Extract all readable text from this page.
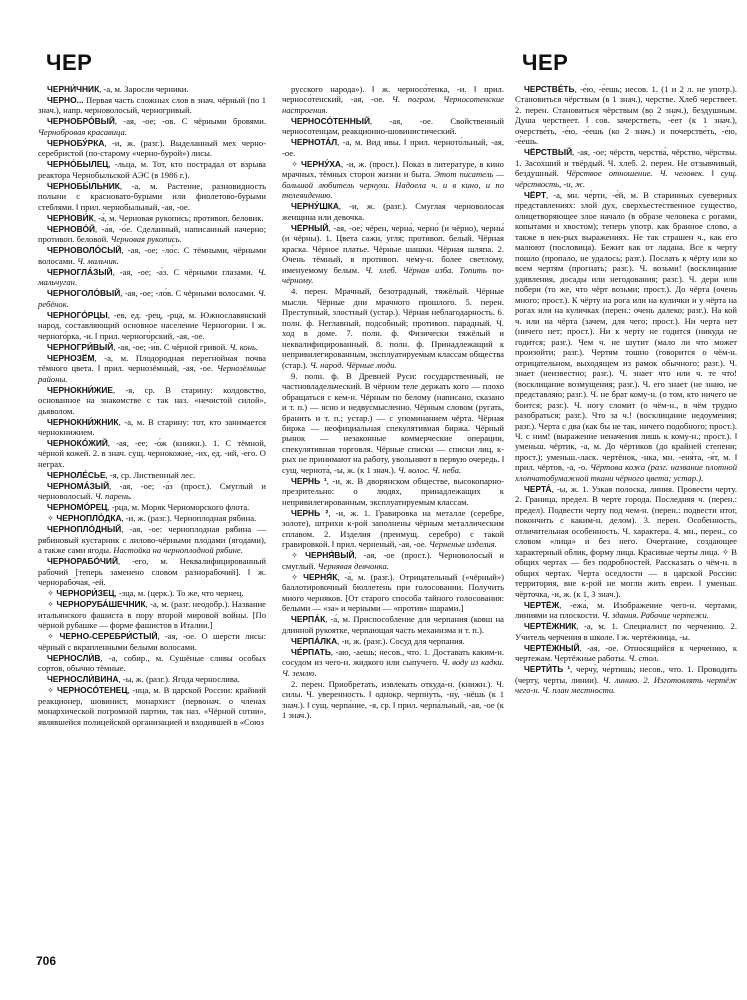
ЧЕР	ЧЕР

ЧЕРНИ́ЧНИК, -а, м. Заросли черники.

ЧЕРНО... Первая часть сложных слов в знач. чёрный (по 1 знач.), напр. черноволосый, черногривый.

ЧЕРНОБРО́ВЫЙ, -ая, -ое; -ов. С чёрными бровями. Чернобровая красавица.

ЧЕРНОБУ́РКА, -и, ж. (разг.). Выделанный мех черно-серебристой (по-старому «черно-бурой») лисы.

ЧЕРНО́БЫЛЕЦ, -льца, м. Тот, кто пострадал от взрыва реактора Чернобыльской АЭС (в 1986 г.).

ЧЕРНОБЫ́ЛЬНИК, -а, м. Растение, разновидность полыни с красновато-бурыми или фиолетово-бурыми стеблями. ‖ прил. чернобыльный, -ая, -ое.

ЧЕРНОВИ́К, -а́, м. Черновая рукопись; противоп. беловик.

ЧЕРНОВО́Й, -а́я, -о́е. Сделанный, написанный начерно; противоп. беловой. Черновая рукопись.

ЧЕРНОВОЛО́СЫЙ, -ая, -ое; -ло́с. С тёмными, чёрными волосами. Ч. мальчик.

ЧЕРНОГЛА́ЗЫЙ, -ая, -ое; -а́з. С чёрными глазами. Ч. мальчуган.

ЧЕРНОГОЛО́ВЫЙ, -ая, -ое; -ло́в. С чёрными волосами. Ч. ребёнок.

ЧЕРНОГО́РЦЫ, -ев, ед. -рец, -рца, м. Южнославянский народ, составляющий основное население Черногории. ‖ ж. черного́рка, -и. ‖ прил. черного́рский, -ая, -ое.

ЧЕРНОГРИ́ВЫЙ, -ая, -ое; -и́в. С чёрной гривой. Ч. конь.

ЧЕРНОЗЁМ, -а, м. Плодородная перегнойная почва тёмного цвета. ‖ прил. чернозёмный, -ая, -ое. Чернозёмные районы.

ЧЕРНОКНИ́ЖИЕ, -я, ср. В старину: колдовство, основанное на знакомстве с так наз. «нечистой силой», дьяволом.

ЧЕРНОКНИ́ЖНИК, -а, м. В старину: тот, кто занимается чернокнижием.

ЧЕРНОКО́ЖИЙ, -ая, -ее; -о́ж (книжн.). 1. С тёмной, чёрной кожей. 2. в знач. сущ. чернокожие, -их, ед. -ий, -его. О неграх.

ЧЕРНОЛЕ́СЬЕ, -я, ср. Лиственный лес.

ЧЕРНОМА́ЗЫЙ, -ая, -ое; -а́з (прост.). Смуглый и черноволосый. Ч. парень.

ЧЕРНОМО́РЕЦ, -рца, м. Моряк Черноморского флота.

✧ ЧЕРНОПЛО́ДКА, -и, ж. (разг.). Черноплодная рябина.

ЧЕРНОПЛО́ДНЫЙ, -ая, -ое: черноплодная рябина — рябиновый кустарник с лилово-чёрными плодами (ягодами), а также сами ягоды. Настойка на черноплодной рябине.

ЧЕРНОРАБО́ЧИЙ, -его, м. Неквалифицированный рабочий [теперь заменено словом разнорабочий]. ‖ ж. черноpабо́чая, -ей.

✧ ЧЕРНОРИ́ЗЕЦ, -зца, м. (церк.). То же, что чернец.

✧ ЧЕРНОРУБА́ШЕЧНИК, -а, м. (разг. неодобр.). Название итальянского фашиста в пору второй мировой войны. [По чёрной рубашке — форме фашистов в Италии.]

✧ ЧЕРНО-СЕРЕБРИ́СТЫЙ, -ая, -ое. О шерсти лисы: чёрный с вкрапленными белыми волосами.

ЧЕРНОСЛИ́В, -а, собир., м. Сушёные сливы особых сортов, обычно тёмные.

ЧЕРНОСЛИ́ВИНА, -ы, ж. (разг.). Ягода чернослива.

✧ ЧЕРНОСО́ТЕНЕЦ, -нца, м. В царской России: крайний реакционер, шовинист, монархист (первонач. о членах монархической погромной партии, так наз. «Чёрной сотни», являвшейся полицейской организацией и входившей в «Союз

русского народа»). ‖ ж. черносо́тенка, -и. ‖ прил. черносо́тенский, -ая, -ое. Ч. погром. Черносотенские настроения.

ЧЕРНОСО́ТЕННЫЙ, -ая, -ое. Свойственный черносотенцам, реакционно-шовинистический.

ЧЕРНОТА́Л, -а, м. Вид ивы. ‖ прил. черното́льный, -ая, -ое.

✧ ЧЕРНУ́ХА, -и, ж. (прост.). Показ в литературе, в кино мрачных, тёмных сторон жизни и быта. Этот писатель — большой любитель чернухи. Надоела ч. и в кино, и по телевидению.

ЧЕРНУ́ШКА, -и, ж. (разг.). Смуглая черноволосая женщина или девочка.

ЧЁРНЫЙ, -ая, -ое; чёрен, черна́, черно́ (и чёрно), черны́ (и чёрны). 1. Цвета сажи, угля; противоп. белый. Чёрная краска. Чёрное платье. Чёрные шашки. Чёрная шляпа. 2. Очень тёмный, в противоп. чему-н. более светлому, именуемому белым. Ч. хлеб. Чёрная изба. Топить по-чёрному.

4. перен. Мрачный, безотрадный, тяжёлый. Чёрные мысли. Чёрные дни мрачного прошлого. 5. перен. Преступный, злостный (устар.). Чёрная неблагодарность. 6. полн. ф. Неглавный, подсобный; противоп. парадный. Ч. ход в доме. 7. полн. ф. Физически тяжёлый и неквалифицированный. 8. полн. ф. Принадлежащий к непривилегированным, эксплуатируемым классам общества (стар.). Ч. народ. Чёрные люди.

9. полн. ф. В Древней Руси: государственный, не частновладельческий. В чёрном теле держать кого — плохо обращаться с кем-н. Чёрным по белому (написано, сказано и т. п.) — ясно и недвусмысленно. Чёрным словом (ругать, бранить и т. п.; устар.) — с упоминанием чёрта. Чёрная биржа — неофициальная спекулятивная биржа. Чёрный рынок — незаконные коммерческие операции, спекулятивная торговля. Чёрные списки — списки лиц, к-рых не принимают на работу, увольняют в первую очередь. ‖ сущ. чернота́, -ы, ж. (к 1 знач.). Ч. волос. Ч. неба.

ЧЕРНЬ ¹, -и, ж. В дворянском обществе, высокопарно-презрительно: о людях, принадлежащих к непривилегированным, эксплуатируемым классам.

ЧЕРНЬ ², -и, ж. 1. Гравировка на металле (серебре, золоте), штрихи к-рой заполнены чёрным металлическим сплавом. 2. Изделия (преимущ. серебро) с такой гравировкой. ‖ прил. черненый, -ая, -ое. Черненые изделия.

✧ ЧЕРНЯ́ВЫЙ, -ая, -ое (прост.). Черноволосый и смуглый. Чернявая девчонка.

✧ ЧЕРНЯ́К, -а́, м. (разг.). Отрицательный («чёрный») баллотировочный бюллетень при голосовании. Получить много черняков. [От старого способа тайного голосования: белыми — «за» и черными — «против» шарами.]

ЧЕРПА́К, -а́, м. Приспособление для черпания (ковш на длинной рукоятке, черпающая часть механизма и т. п.).

ЧЕРПА́ЛКА, -и, ж. (разг.). Сосуд для черпания.

ЧЕ́РПАТЬ, -аю, -аешь; несов., что. 1. Доставать каким-н. сосудом из чего-н. жидкого или сыпучего. Ч. воду из кадки. Ч. землю.

2. перен. Приобретать, извлекать откуда-н. (книжн.). Ч. силы. Ч. уверенность. ‖ однокр. черпну́ть, -ну́, -нёшь (к 1 знач.). ‖ сущ. черпа́ние, -я, ср. ‖ прил. черпа́льный, -ая, -ое (к 1 знач.).

ЧЕРСТВЕ́ТЬ, -е́ю, -е́ешь; несов. 1. (1 и 2 л. не употр.). Становиться чёрствым (в 1 знач.), черстве. Хлеб черствеет. 2. перен. Становиться чёрствым (во 2 знач.), бездушным. Душа черствеет. ‖ сов. зачерстве́ть, -е́ет (к 1 знач.), очерстве́ть, -е́ю, -е́ешь (ко 2 знач.) и почерстве́ть, -е́ю, -е́ешь.

ЧЁРСТВЫЙ, -ая, -ое; чёрств, черства́, чёрство, чёрствы. 1. Засохший и твёрдый. Ч. хлеб. 2. перен. Не отзывчивый, бездушный. Чёрствое отношение. Ч. человек. ‖ сущ. чёрствость, -и, ж.

ЧЁРТ, -а, мн. че́рти, -е́й, м. В старинных суеверных представлениях: злой дух, сверхъестественное существо, олицетворяющее злое начало (в образе человека с рогами, копытами и хвостом); теперь употр. как бранное слово, а также в нек-рых выражениях. Не так страшен ч., как его малюют (пословица). Бежит как от ладана. Все к черту пошло (пропало, не удалось; разг.). Послать к чёрту или ко всем чертям (прогнать; разг.). Ч. возьми! (восклицание удивления, досады или негодования; разг.). Ч. дери или побери (то же, что чёрт возьми; прост.). До чёрта (очень много; прост.). К чёрту на рога или на кулички и у чёрта на рогах или на куличках (перен.: очень далеко; разг.). На кой ч. или на чёрта (зачем, для чего; прост.). Ни черта нет (ничего нет; прост.). Ни к черту не годится (никуда не годится; разг.). Чем ч. не шутит (мало ли что может произойти; разг.). Чертям тошно (говорится о чём-н. отрицательном, выходящем из рамок обычного; разг.). Ч. знает (неизвестно; разг.). Ч. знает что или ч. те что! (восклицание возмущения; разг.). Ч. его знает (не знаю, не представляю; разг.). Ч. не брат кому-н. (о том, кто ничего не боится; разг.). Ч. ногу сломит (о чём-н., в чём трудно разобраться; разг.). Что за ч.! (восклицание недоумения; разг.). Черта с два (как бы не так, ничего подобного; прост.). Ч. с ним! (выражение неначения лишь к кому-н.; прост.). ‖ уменьш. чёртик, -а, м. До чёртиков (до крайней степени; прост.); уменьш.-ласк. чертёнок, -нка, мн. -еня́та, -я́т, м. ‖ прил. чёртов, -а, -о. Чёртова кожа (разг. название плотной хлопчатобумажной ткани чёрного цвета; устар.).

ЧЕРТА́, -ы, ж. 1. Узкая полоска, линия. Провести черту. 2. Граница, предел. В черте города. Последняя ч. (перен.: предел). Подвести черту под чем-н. (перен.: подвести итог, покончить с каким-н. делом). 3. перен. Особенность, отличительная особенность. Ч. характера. 4. мн., перен., со словом «лица» и без него. Очертание, создающее характерный облик, форму лица. Красивые черты лица. ✧ В общих чертах — без подробностей. Рассказать о чём-н. в общих чертах. Черта оседлости — в царской России: территория, вне к-рой не могли жить евреи. ‖ уменьш. чёрточка, -и, ж. (к 1, 3 знач.).

ЧЕРТЁЖ, -ежа́, м. Изображение чего-н. чертами, линиями на плоскости. Ч. здания. Рабочие чертежи.

ЧЕРТЁЖНИК, -а, м. 1. Специалист по черчению. 2. Учитель черчения в школе. ‖ ж. чертёжница, -ы.

ЧЕРТЁЖНЫЙ, -ая, -ое. Относящийся к черчению, к чертежам. Чертёжные работы. Ч. стол.

ЧЕРТИ́ТЬ ¹, черчу́, че́ртишь; несов., что. 1. Проводить (черту, черты, линии). Ч. линию. 2. Изготовлять чертёж чего-н. Ч. план местности.

706
